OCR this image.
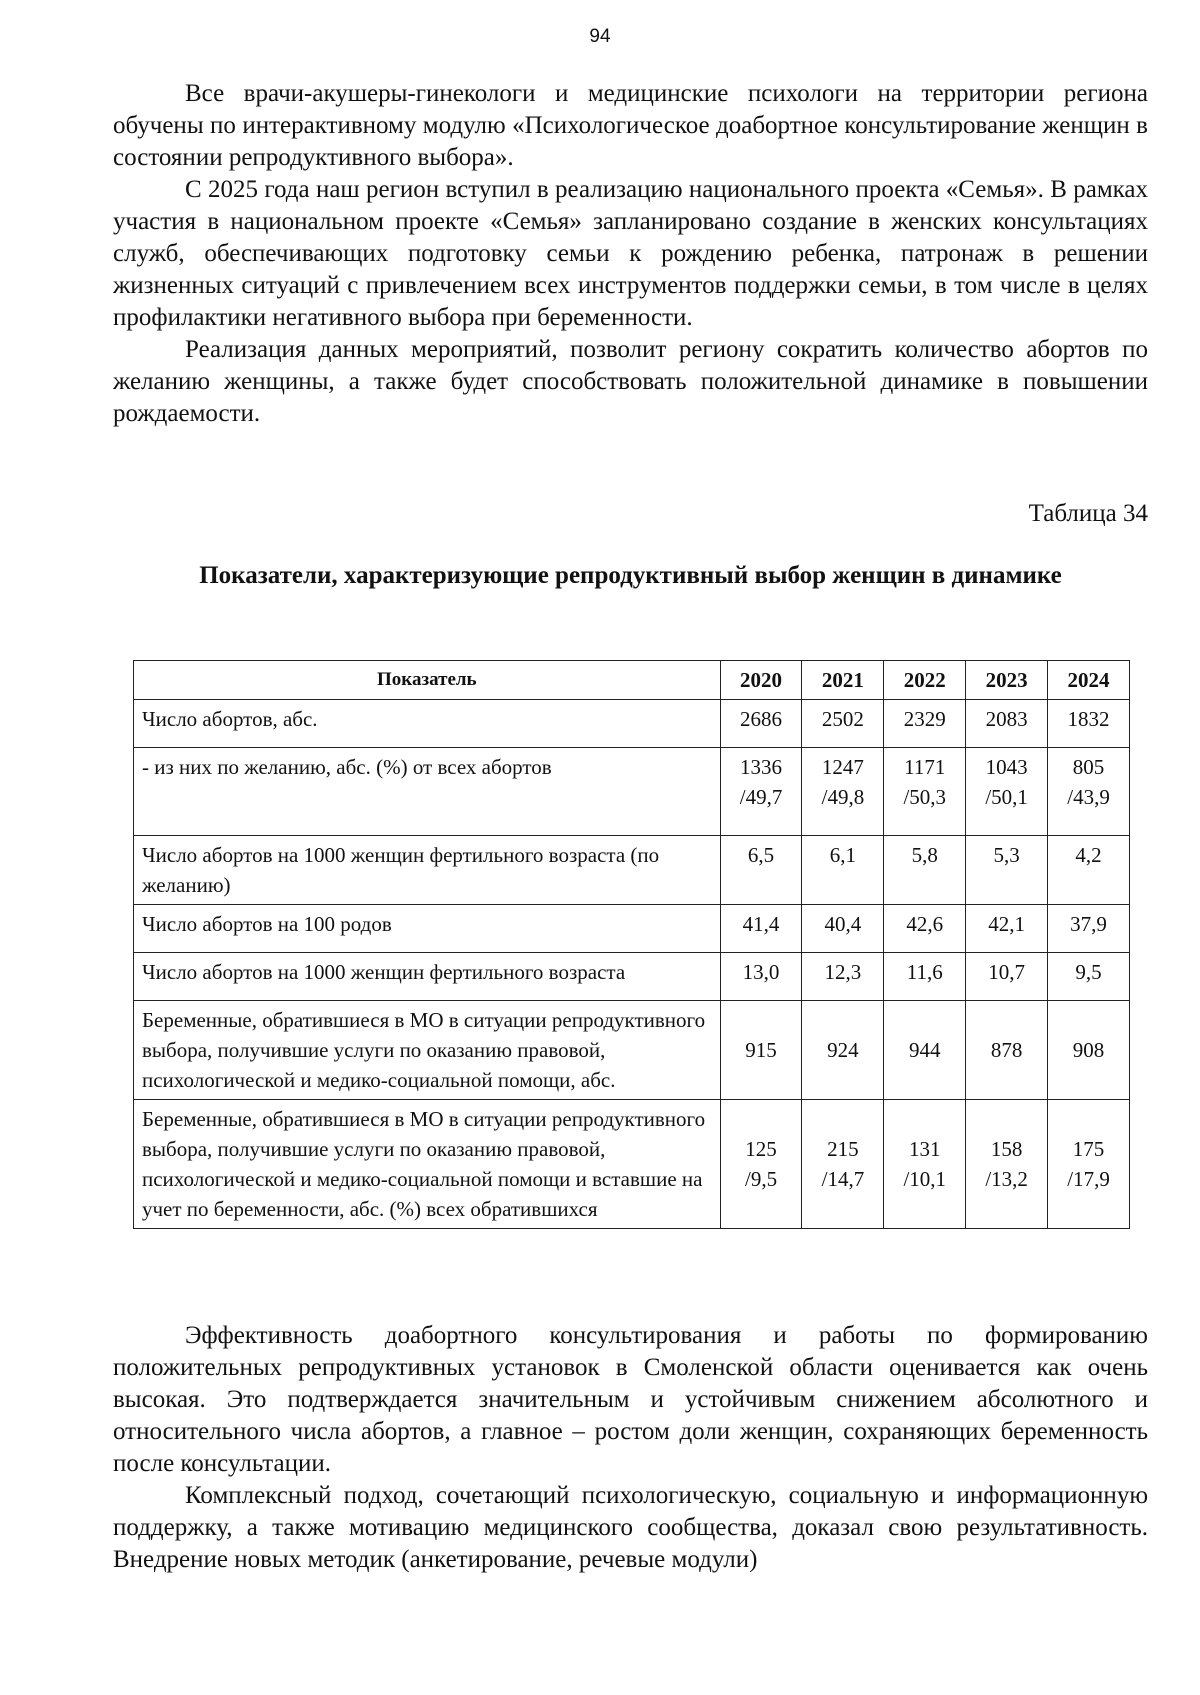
94

Все врачи-акушеры-гинекологи и медицинские психологи на территории региона обучены по интерактивному модулю «Психологическое доабортное консультирование женщин в состоянии репродуктивного выбора».

С 2025 года наш регион вступил в реализацию национального проекта «Семья». В рамках участия в национальном проекте «Семья» запланировано создание в женских консультациях служб, обеспечивающих подготовку семьи к рождению ребенка, патронаж в решении жизненных ситуаций с привлечением всех инструментов поддержки семьи, в том числе в целях профилактики негативного выбора при беременности.

Реализация данных мероприятий, позволит региону сократить количество абортов по желанию женщины, а также будет способствовать положительной динамике в повышении рождаемости.

Таблица 34
Показатели, характеризующие репродуктивный выбор женщин в динамике
Показатель	2020	2021	2022	2023	2024
Число абортов, абс.	2686	2502	2329	2083	1832
- из них по желанию, абс. (%) от всех абортов	1336 /49,7	1247 /49,8	1171 /50,3	1043 /50,1	805 /43,9
Число абортов на 1000 женщин фертильного возраста (по желанию)	6,5	6,1	5,8	5,3	4,2
Число абортов на 100 родов	41,4	40,4	42,6	42,1	37,9
Число абортов на 1000 женщин фертильного возраста	13,0	12,3	11,6	10,7	9,5
Беременные, обратившиеся в МО в ситуации репродуктивного выбора, получившие услуги по оказанию правовой, психологической и медико-социальной помощи, абс.	915	924	944	878	908
Беременные, обратившиеся в МО в ситуации репродуктивного выбора, получившие услуги по оказанию правовой, психологической и медико-социальной помощи и вставшие на учет по беременности, абс. (%) всех обратившихся	125 /9,5	215 /14,7	131 /10,1	158 /13,2	175 /17,9

Эффективность доабортного консультирования и работы по формированию положительных репродуктивных установок в Смоленской области оценивается как очень высокая. Это подтверждается значительным и устойчивым снижением абсолютного и относительного числа абортов, а главное – ростом доли женщин, сохраняющих беременность после консультации.

Комплексный подход, сочетающий психологическую, социальную и информационную поддержку, а также мотивацию медицинского сообщества, доказал свою результативность. Внедрение новых методик (анкетирование, речевые модули)
